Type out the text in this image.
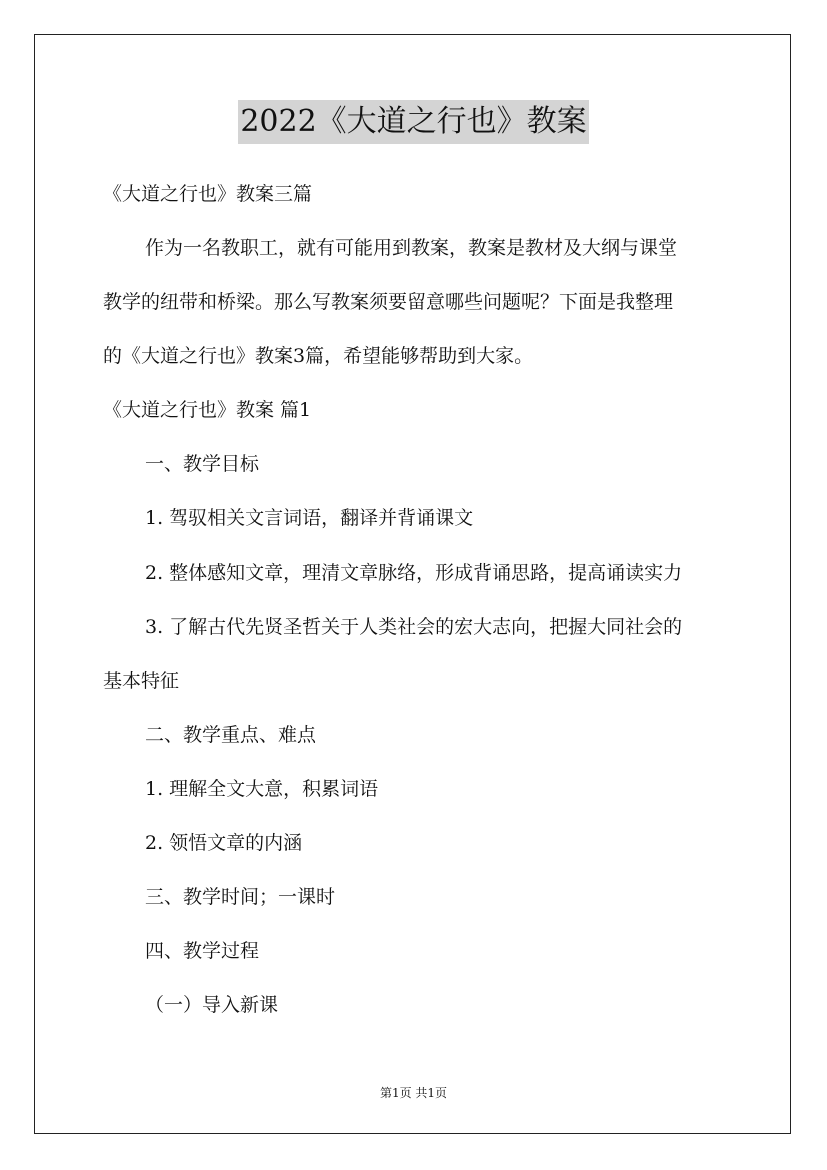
2022《大道之行也》教案
《大道之行也》教案三篇
作为一名教职工，就有可能用到教案，教案是教材及大纲与课堂
教学的纽带和桥梁。那么写教案须要留意哪些问题呢？下面是我整理
的《大道之行也》教案3篇，希望能够帮助到大家。
《大道之行也》教案 篇1
一、教学目标
1. 驾驭相关文言词语，翻译并背诵课文
2. 整体感知文章，理清文章脉络，形成背诵思路，提高诵读实力
3. 了解古代先贤圣哲关于人类社会的宏大志向，把握大同社会的
基本特征
二、教学重点、难点
1. 理解全文大意，积累词语
2. 领悟文章的内涵
三、教学时间；一课时
四、教学过程
（一）导入新课
第1页 共1页
